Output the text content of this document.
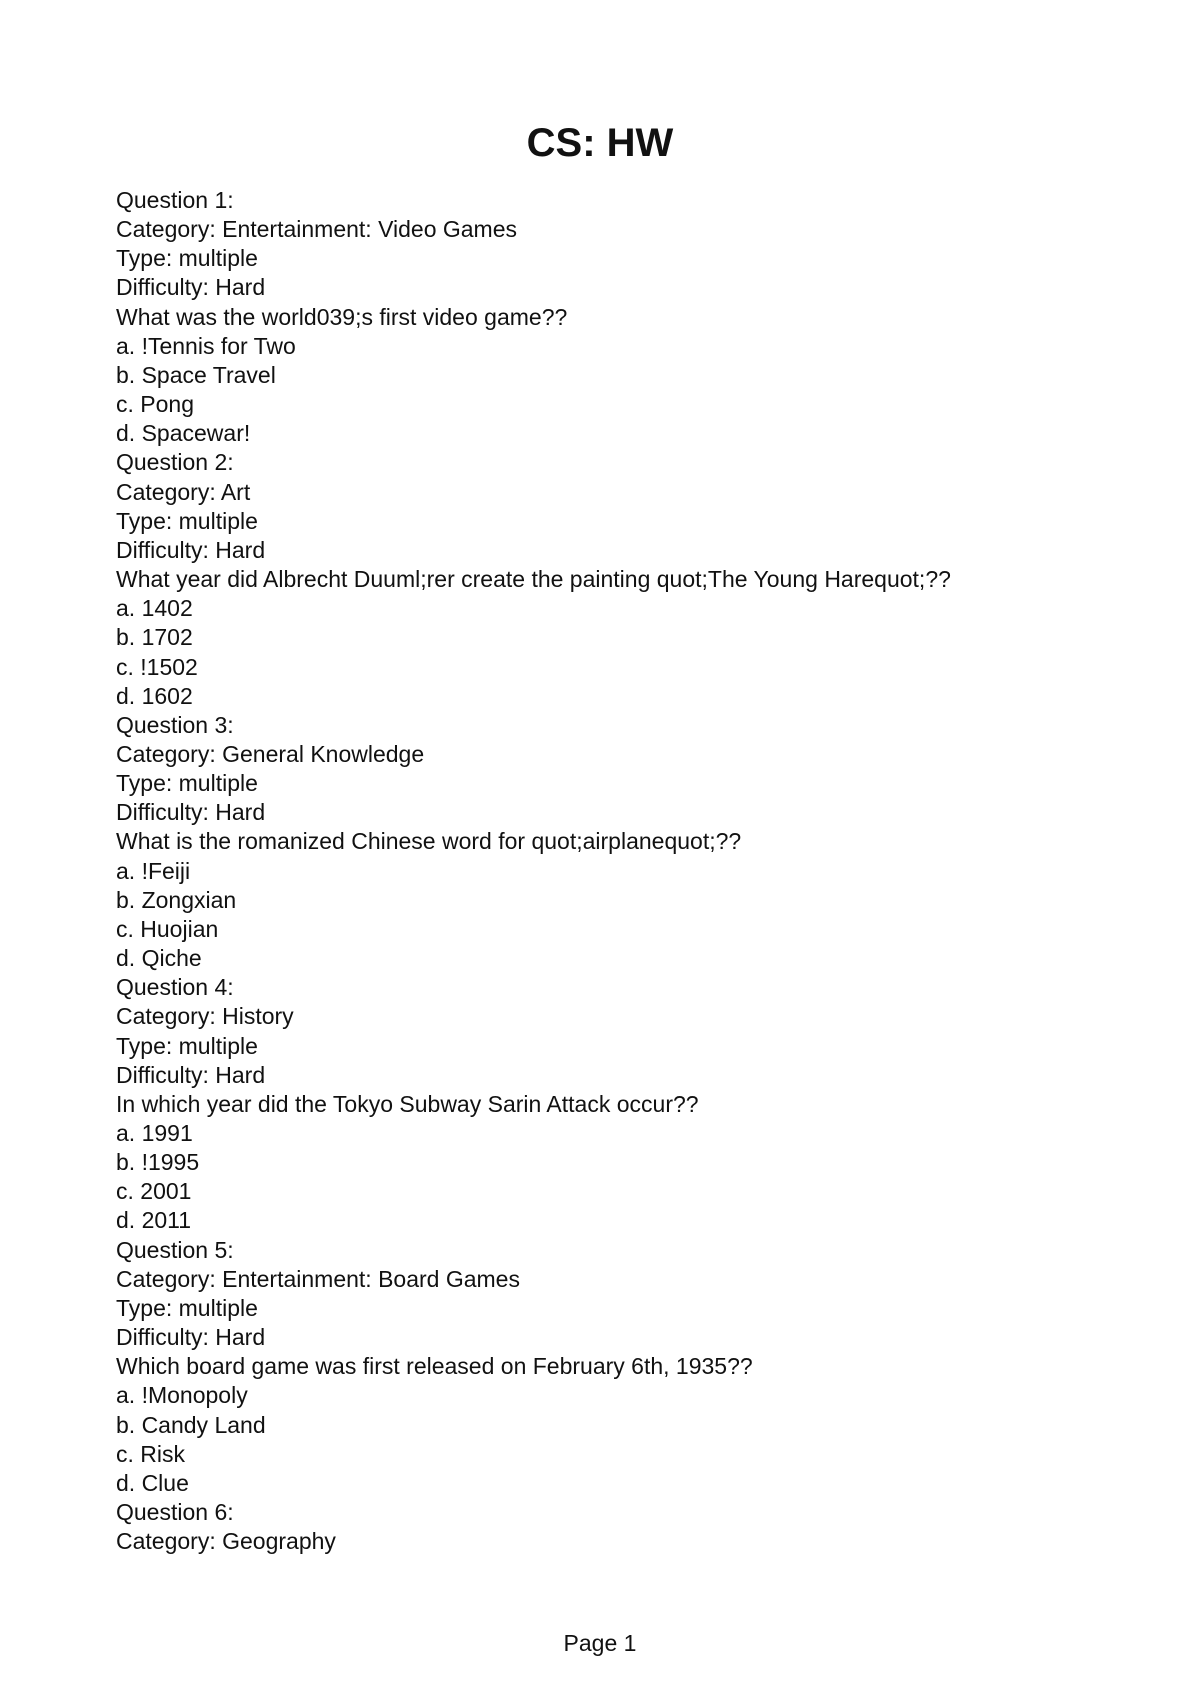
CS: HW
Question 1:
Category: Entertainment: Video Games
Type: multiple
Difficulty: Hard
What was the world039;s first video game??
a. !Tennis for Two
b. Space Travel
c. Pong
d. Spacewar!
Question 2:
Category: Art
Type: multiple
Difficulty: Hard
What year did Albrecht Duuml;rer create the painting quot;The Young Harequot;??
a. 1402
b. 1702
c. !1502
d. 1602
Question 3:
Category: General Knowledge
Type: multiple
Difficulty: Hard
What is the romanized Chinese word for quot;airplanequot;??
a. !Feiji
b. Zongxian
c. Huojian
d. Qiche
Question 4:
Category: History
Type: multiple
Difficulty: Hard
In which year did the Tokyo Subway Sarin Attack occur??
a. 1991
b. !1995
c. 2001
d. 2011
Question 5:
Category: Entertainment: Board Games
Type: multiple
Difficulty: Hard
Which board game was first released on February 6th, 1935??
a. !Monopoly
b. Candy Land
c. Risk
d. Clue
Question 6:
Category: Geography
Page 1
